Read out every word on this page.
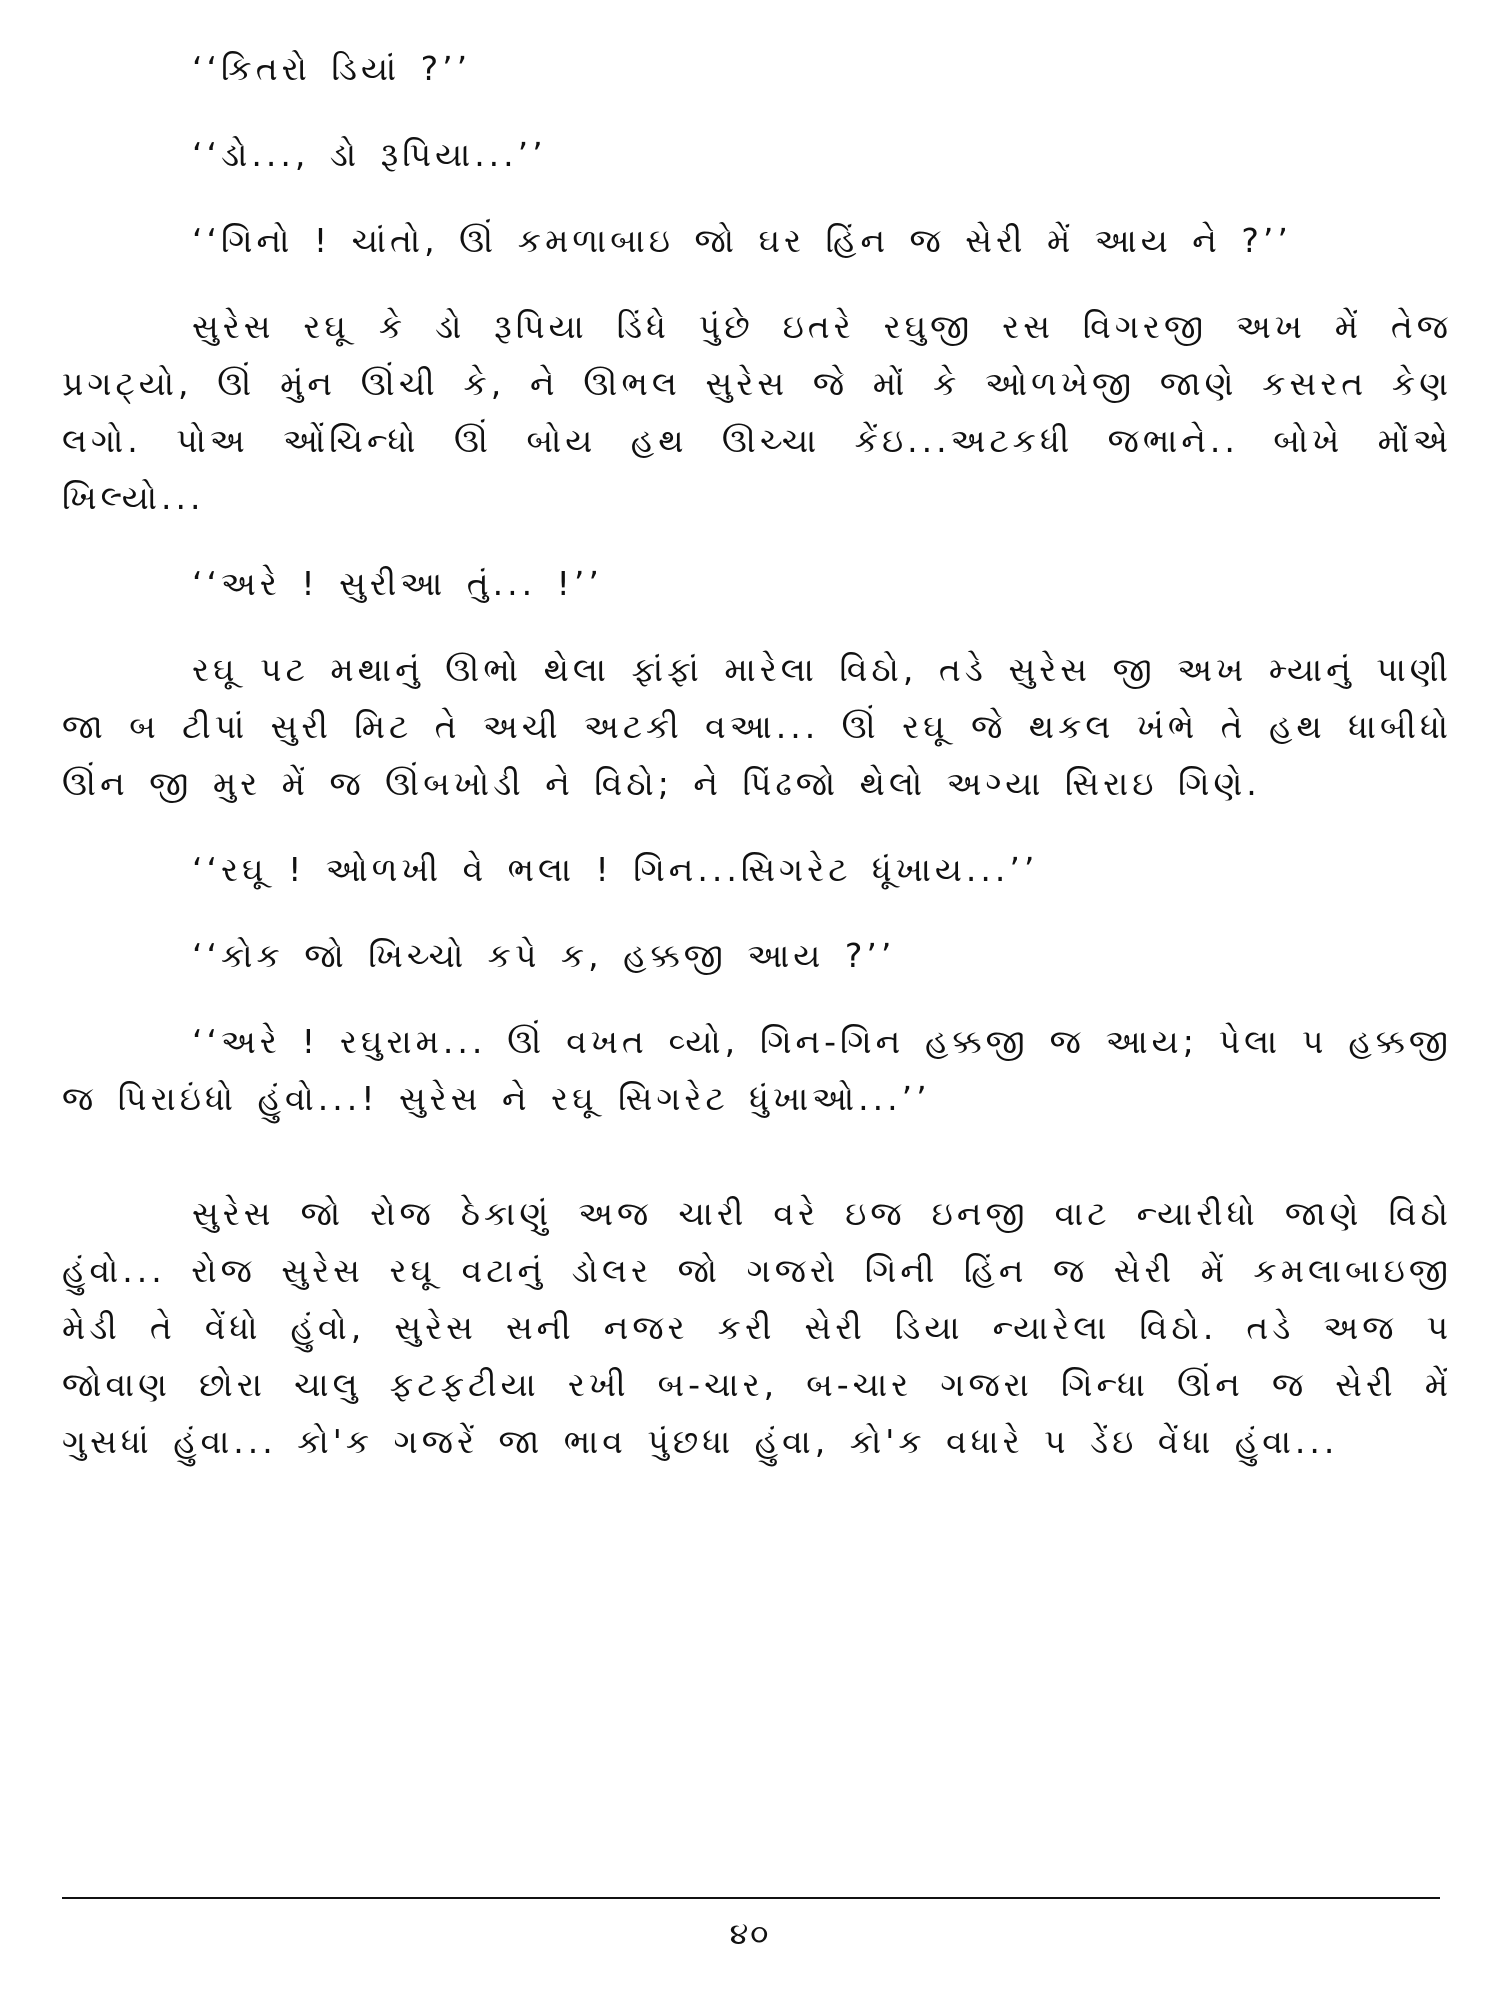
‘‘કિતરો ડિયાં ?’’

‘‘ડો..., ડો રૂપિયા...’’

‘‘ગિનો ! ચાંતો, ઊં કમળાબાઇ જો ઘર હિંન જ સેરી મેં આય ને ?’’

સુરેસ રઘૂ કે ડો રૂપિયા ડિંધે પુંછે ઇતરે રઘુજી રસ વિગરજી અખ મેં તેજ પ્રગટ્યો, ઊં મુંન ઊંચી કે, ને ઊભલ સુરેસ જે મોં કે ઓળખેજી જાણે કસરત કેણ લગો. પોઅ ઓંચિન્ધો ઊં બોય હથ ઊચ્ચા કેંઇ...અટકધી જભાને.. બોખે મોંએ ખિલ્યો...

‘‘અરે ! સુરીઆ તું... !’’

રઘૂ પટ મથાનું ઊભો થેલા ફાંફાં મારેલા વિઠો, તડે સુરેસ જી અખ મ્યાનું પાણી જા બ ટીપાં સુરી મિટ તે અચી અટકી વઆ... ઊં રઘૂ જે થકલ ખંભે તે હથ ધાબીધો ઊંન જી મુર મેં જ ઊંબખોડી ને વિઠો; ને પિંઢજો થેલો અગ્યા સિરાઇ ગિણે.

‘‘રઘૂ ! ઓળખી વે ભલા ! ગિન...સિગરેટ ધૂંખાય...’’

‘‘કોક જો ખિચ્ચો કપે ક, હક્કજી આય ?’’

‘‘અરે ! રઘુરામ... ઊં વખત વ્યો, ગિન-ગિન હક્કજી જ આય; પેલા પ હક્કજી જ પિરાઇંધો હુંવો...! સુરેસ ને રઘૂ સિગરેટ ધુંખાઓ...’’

સુરેસ જો રોજ ઠેકાણું અજ ચારી વરે ઇજ ઇનજી વાટ ન્યારીધો જાણે વિઠો હુંવો... રોજ સુરેસ રઘૂ વટાનું ડોલર જો ગજરો ગિની હિંન જ સેરી મેં કમલાબાઇજી મેડી તે વેંધો હુંવો, સુરેસ સની નજર કરી સેરી ડિયા ન્યારેલા વિઠો. તડે અજ પ જોવાણ છોરા ચાલુ ફટફટીયા રખી બ-ચાર, બ-ચાર ગજરા ગિન્ધા ઊંન જ સેરી મેં ગુસધાં હુંવા... કો'ક ગજરેં જા ભાવ પુંછધા હુંવા, કો'ક વધારે પ ડેંઇ વેંધા હુંવા...

૪૦
